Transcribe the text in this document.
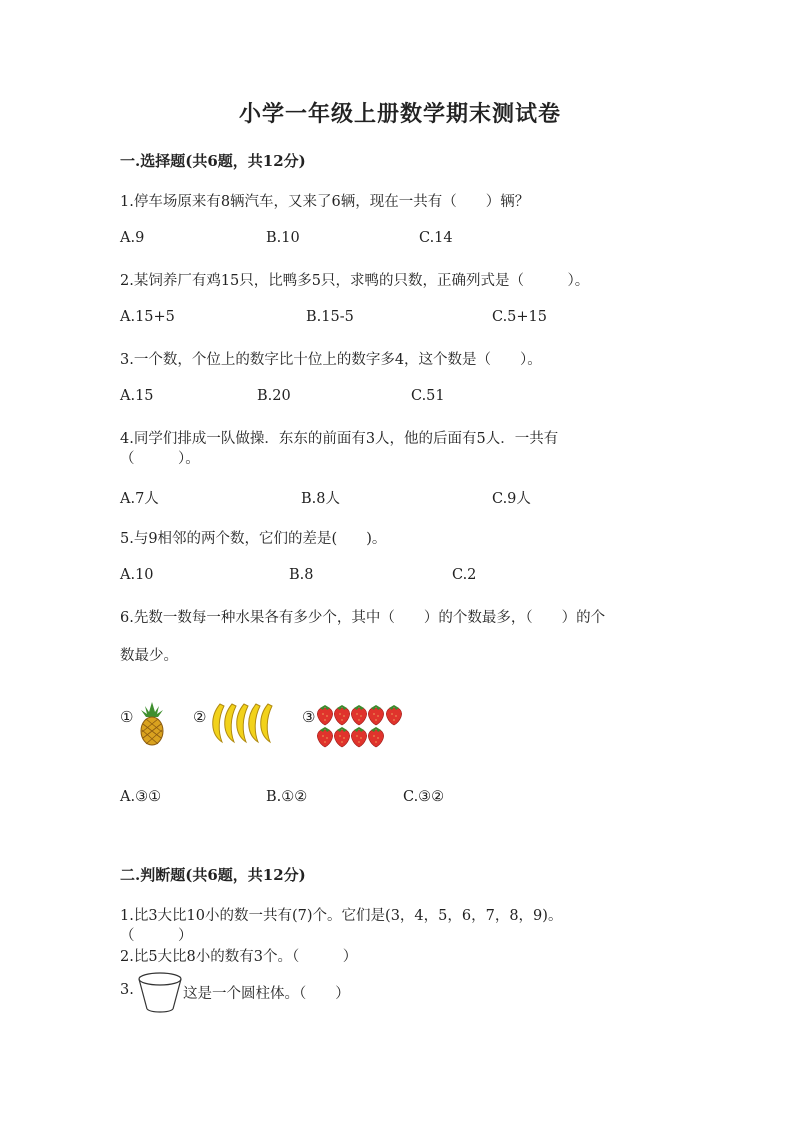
小学一年级上册数学期末测试卷
一.选择题(共6题，共12分)
1.停车场原来有8辆汽车，又来了6辆，现在一共有（　　）辆？
A.9	B.10	C.14
2.某饲养厂有鸡15只，比鸭多5只，求鸭的只数，正确列式是（　　　）。
A.15+5	B.15-5	C.5+15
3.一个数，个位上的数字比十位上的数字多4，这个数是（　　）。
A.15	B.20	C.51
4.同学们排成一队做操．东东的前面有3人，他的后面有5人．一共有
（　　　）。
A.7人	B.8人	C.9人
5.与9相邻的两个数，它们的差是(　　)。
A.10	B.8	C.2
6.先数一数每一种水果各有多少个，其中（　　）的个数最多，（　　）的个
数最少。
①	②	③
A.③①	B.①②	C.③②
二.判断题(共6题，共12分)
1.比3大比10小的数一共有(7)个。它们是(3，4，5，6，7，8，9)。
（　　　）
2.比5大比8小的数有3个。（　　　）
3.	这是一个圆柱体。（　　）
